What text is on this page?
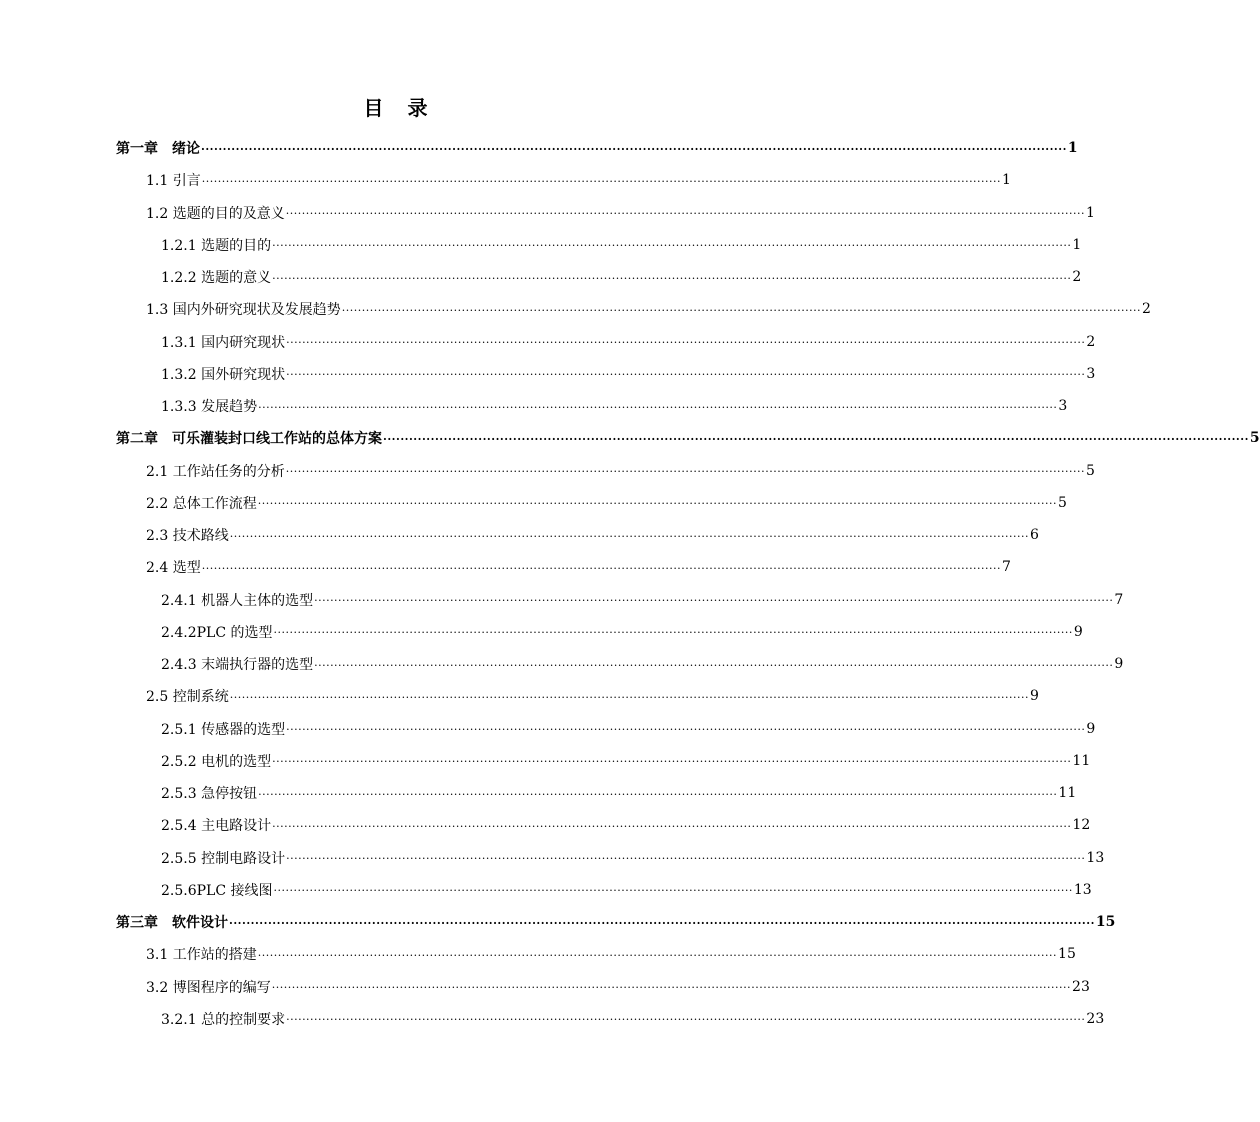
目　录
第一章　绪论 ········································································································································································································ 1
1.1 引言 ········································································································································································································ 1
1.2 选题的目的及意义 ········································································································································································································ 1
1.2.1 选题的目的 ········································································································································································································ 1
1.2.2 选题的意义 ········································································································································································································ 2
1.3 国内外研究现状及发展趋势 ········································································································································································································ 2
1.3.1 国内研究现状 ········································································································································································································ 2
1.3.2 国外研究现状 ········································································································································································································ 3
1.3.3 发展趋势 ········································································································································································································ 3
第二章　可乐灌装封口线工作站的总体方案 ········································································································································································································ 5
2.1 工作站任务的分析 ········································································································································································································ 5
2.2 总体工作流程 ········································································································································································································ 5
2.3 技术路线 ········································································································································································································ 6
2.4 选型 ········································································································································································································ 7
2.4.1 机器人主体的选型 ········································································································································································································ 7
2.4.2PLC 的选型 ········································································································································································································ 9
2.4.3 末端执行器的选型 ········································································································································································································ 9
2.5 控制系统 ········································································································································································································ 9
2.5.1 传感器的选型 ········································································································································································································ 9
2.5.2 电机的选型 ········································································································································································································ 11
2.5.3 急停按钮 ········································································································································································································ 11
2.5.4 主电路设计 ········································································································································································································ 12
2.5.5 控制电路设计 ········································································································································································································ 13
2.5.6PLC 接线图 ········································································································································································································ 13
第三章　软件设计 ········································································································································································································ 15
3.1 工作站的搭建 ········································································································································································································ 15
3.2 博图程序的编写 ········································································································································································································ 23
3.2.1 总的控制要求 ········································································································································································································ 23
